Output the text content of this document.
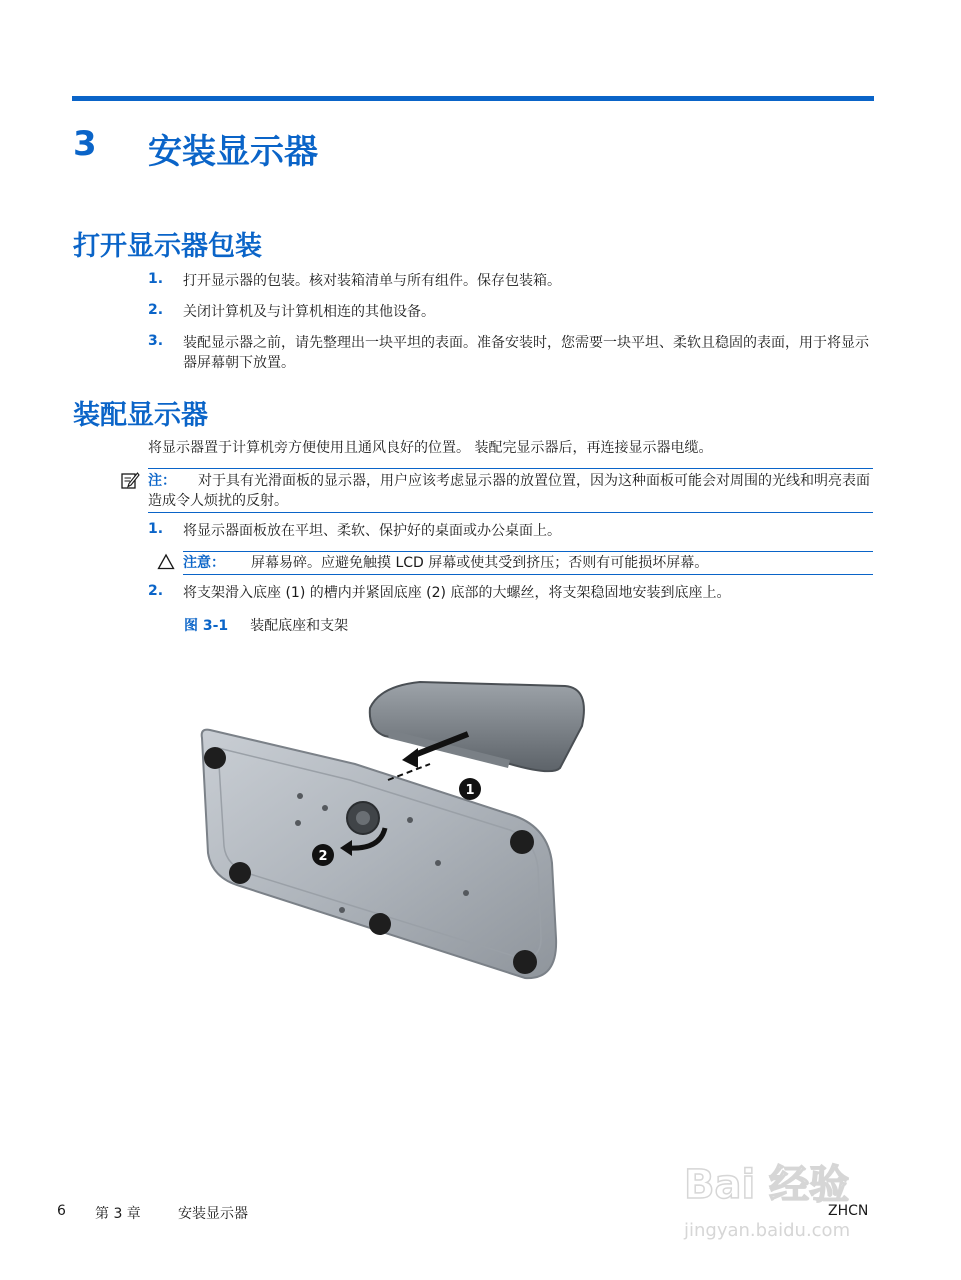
3 安装显示器
打开显示器包装
1. 打开显示器的包装。核对装箱清单与所有组件。保存包装箱。
2. 关闭计算机及与计算机相连的其他设备。
3. 装配显示器之前，请先整理出一块平坦的表面。准备安装时，您需要一块平坦、柔软且稳固的表面，用于将显示器屏幕朝下放置。
装配显示器
将显示器置于计算机旁方便使用且通风良好的位置。 装配完显示器后，再连接显示器电缆。
注： 对于具有光滑面板的显示器，用户应该考虑显示器的放置位置，因为这种面板可能会对周围的光线和明亮表面造成令人烦扰的反射。
1. 将显示器面板放在平坦、柔软、保护好的桌面或办公桌面上。
注意： 屏幕易碎。应避免触摸 LCD 屏幕或使其受到挤压；否则有可能损坏屏幕。
2. 将支架滑入底座 (1) 的槽内并紧固底座 (2) 底部的大螺丝，将支架稳固地安装到底座上。
图 3-1 装配底座和支架
1
2
Bai 经验
jingyan.baidu.com
6 第 3 章	安装显示器	ZHCN
